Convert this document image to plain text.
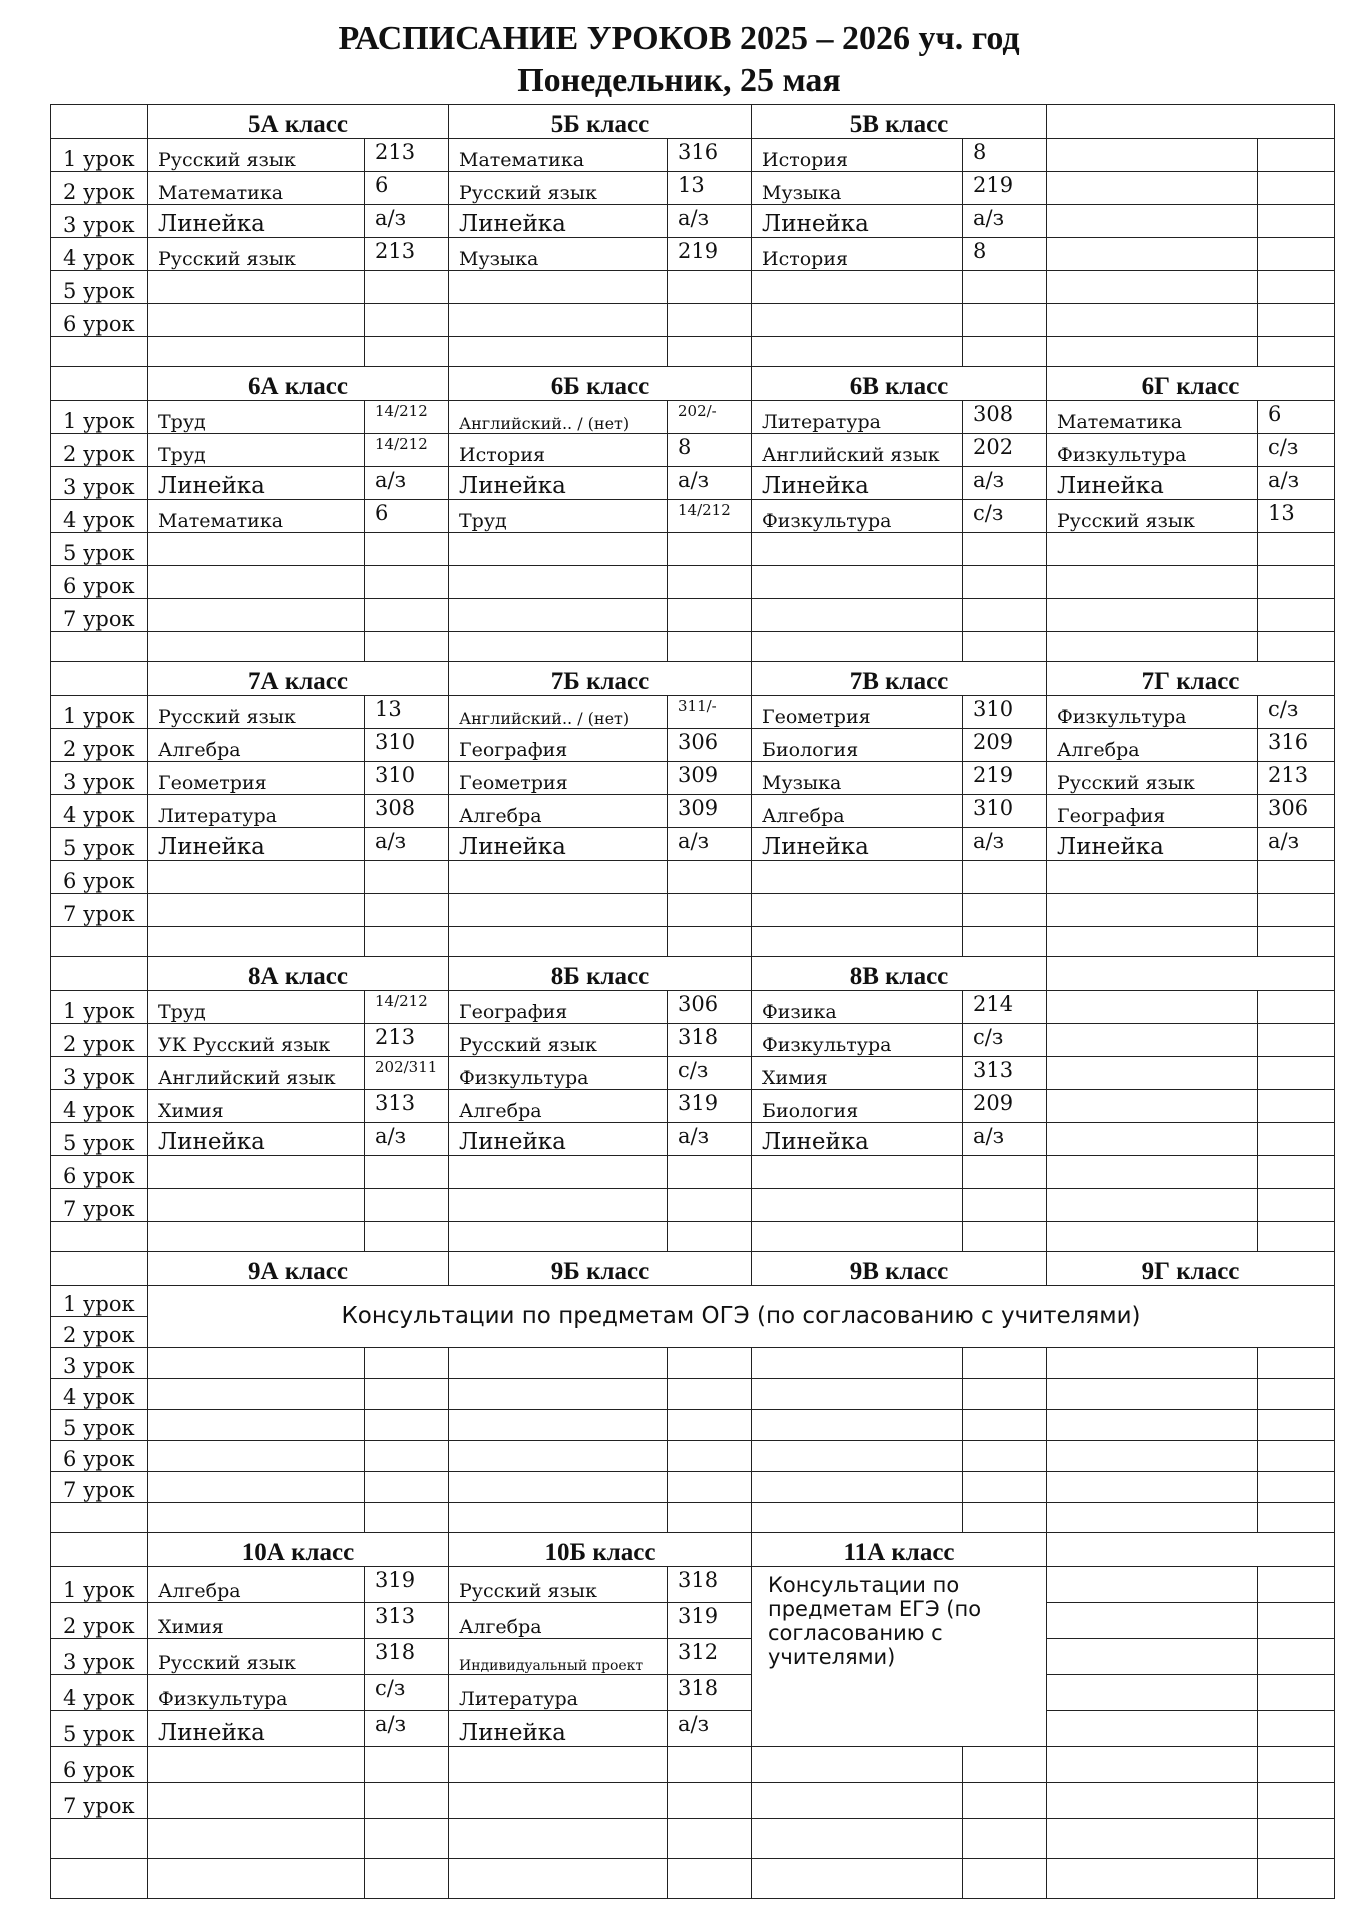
РАСПИСАНИЕ УРОКОВ 2025 – 2026 уч. год
Понедельник, 25 мая
	5А класс		5Б класс		5В класс			
1 урок	Русский язык	213	Математика	316	История	8		
2 урок	Математика	6	Русский язык	13	Музыка	219		
3 урок	Линейка	а/з	Линейка	а/з	Линейка	а/з		
4 урок	Русский язык	213	Музыка	219	История	8		
5 урок								
6 урок								

	6А класс		6Б класс		6В класс		6Г класс	
1 урок	Труд	14/212	Английский.. / (нет)	202/-	Литература	308	Математика	6
2 урок	Труд	14/212	История	8	Английский язык	202	Физкультура	с/з
3 урок	Линейка	а/з	Линейка	а/з	Линейка	а/з	Линейка	а/з
4 урок	Математика	6	Труд	14/212	Физкультура	с/з	Русский язык	13
5 урок								
6 урок								
7 урок								

	7А класс		7Б класс		7В класс		7Г класс	
1 урок	Русский язык	13	Английский.. / (нет)	311/-	Геометрия	310	Физкультура	с/з
2 урок	Алгебра	310	География	306	Биология	209	Алгебра	316
3 урок	Геометрия	310	Геометрия	309	Музыка	219	Русский язык	213
4 урок	Литература	308	Алгебра	309	Алгебра	310	География	306
5 урок	Линейка	а/з	Линейка	а/з	Линейка	а/з	Линейка	а/з
6 урок								
7 урок								

	8А класс		8Б класс		8В класс			
1 урок	Труд	14/212	География	306	Физика	214		
2 урок	УК Русский язык	213	Русский язык	318	Физкультура	с/з		
3 урок	Английский язык	202/311	Физкультура	с/з	Химия	313		
4 урок	Химия	313	Алгебра	319	Биология	209		
5 урок	Линейка	а/з	Линейка	а/з	Линейка	а/з		
6 урок								
7 урок								

	9А класс		9Б класс		9В класс		9Г класс	
1 урок	Консультации по предметам ОГЭ (по согласованию с учителями)							
2 урок								
3 урок								
4 урок								
5 урок								
6 урок								
7 урок								

	10А класс		10Б класс		11А класс			
1 урок	Алгебра	319	Русский язык	318	Консультации по предметам ЕГЭ (по согласованию с учителями)			
2 урок	Химия	313	Алгебра	319				
3 урок	Русский язык	318	Индивидуальный проект	312				
4 урок	Физкультура	с/з	Литература	318				
5 урок	Линейка	а/з	Линейка	а/з				
6 урок								
7 урок								
